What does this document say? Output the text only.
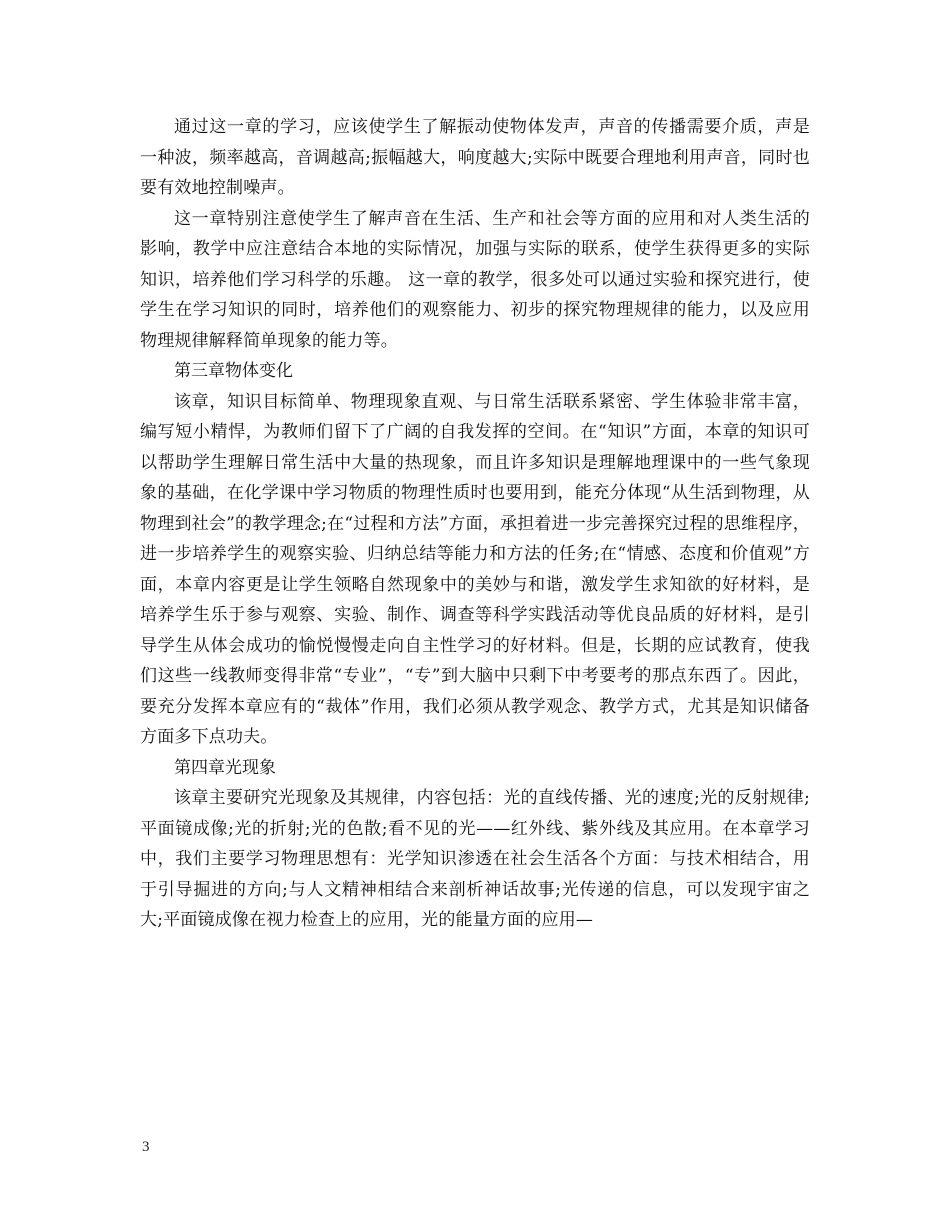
通过这一章的学习，应该使学生了解振动使物体发声，声音的传播需要介质，声是一种波，频率越高，音调越高;振幅越大，响度越大;实际中既要合理地利用声音，同时也要有效地控制噪声。

这一章特别注意使学生了解声音在生活、生产和社会等方面的应用和对人类生活的影响，教学中应注意结合本地的实际情况，加强与实际的联系，使学生获得更多的实际知识，培养他们学习科学的乐趣。 这一章的教学，很多处可以通过实验和探究进行，使学生在学习知识的同时，培养他们的观察能力、初步的探究物理规律的能力，以及应用物理规律解释简单现象的能力等。

第三章物体变化

该章，知识目标简单、物理现象直观、与日常生活联系紧密、学生体验非常丰富，编写短小精悍，为教师们留下了广阔的自我发挥的空间。在“知识”方面，本章的知识可以帮助学生理解日常生活中大量的热现象，而且许多知识是理解地理课中的一些气象现象的基础，在化学课中学习物质的物理性质时也要用到，能充分体现“从生活到物理，从物理到社会”的教学理念;在“过程和方法”方面，承担着进一步完善探究过程的思维程序，进一步培养学生的观察实验、归纳总结等能力和方法的任务;在“情感、态度和价值观”方面，本章内容更是让学生领略自然现象中的美妙与和谐，激发学生求知欲的好材料，是培养学生乐于参与观察、实验、制作、调查等科学实践活动等优良品质的好材料，是引导学生从体会成功的愉悦慢慢走向自主性学习的好材料。但是，长期的应试教育，使我们这些一线教师变得非常“专业”，“专”到大脑中只剩下中考要考的那点东西了。因此，要充分发挥本章应有的“裁体”作用，我们必须从教学观念、教学方式，尤其是知识储备方面多下点功夫。

第四章光现象

该章主要研究光现象及其规律，内容包括：光的直线传播、光的速度;光的反射规律;平面镜成像;光的折射;光的色散;看不见的光——红外线、紫外线及其应用。在本章学习中，我们主要学习物理思想有：光学知识渗透在社会生活各个方面：与技术相结合，用于引导掘进的方向;与人文精神相结合来剖析神话故事;光传递的信息，可以发现宇宙之大;平面镜成像在视力检查上的应用，光的能量方面的应用—

3
